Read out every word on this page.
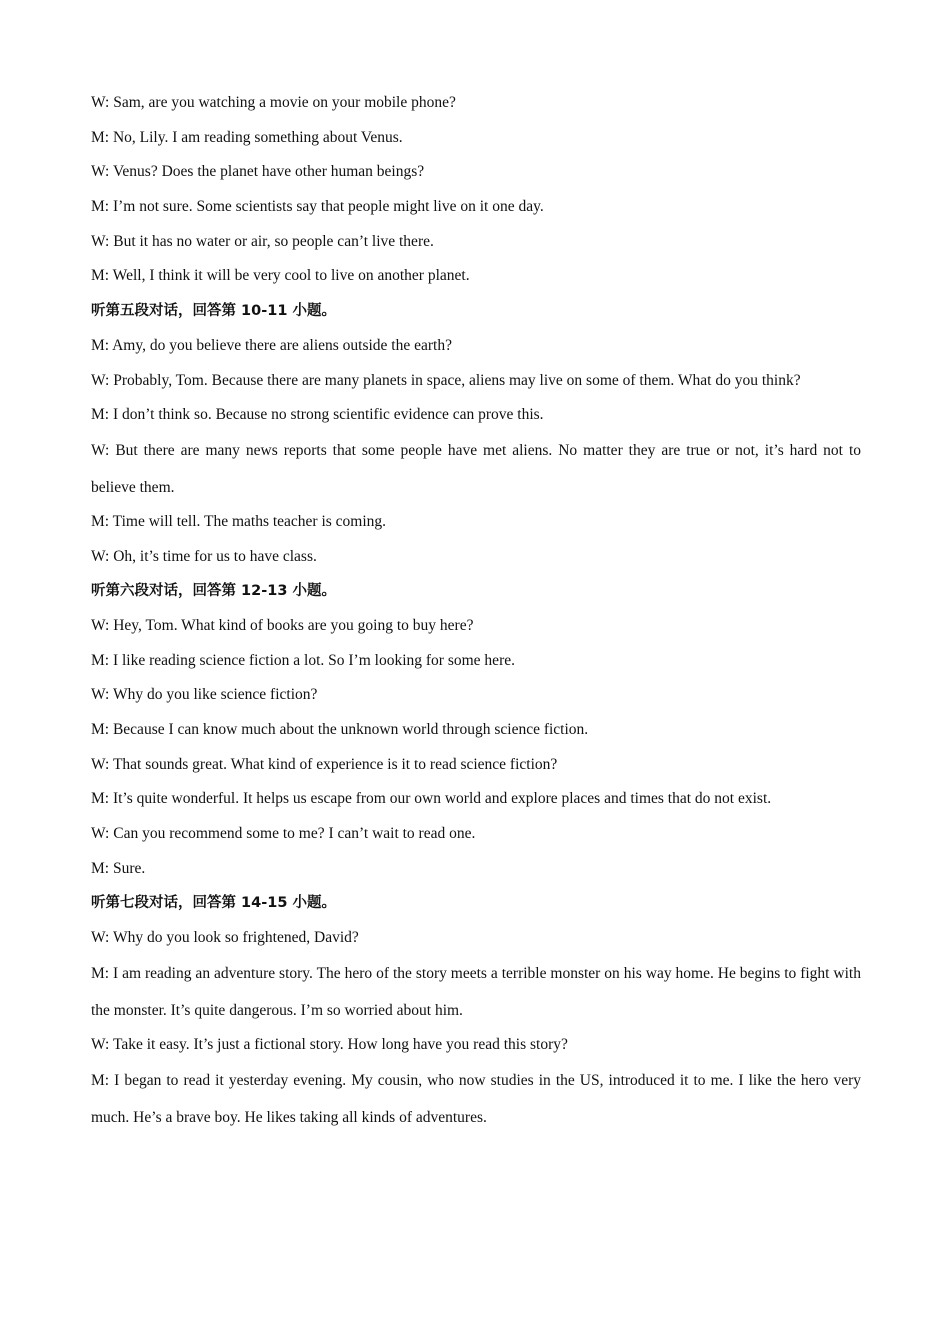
W: Sam, are you watching a movie on your mobile phone?

M: No, Lily. I am reading something about Venus.

W: Venus? Does the planet have other human beings?

M: I’m not sure. Some scientists say that people might live on it one day.

W: But it has no water or air, so people can’t live there.

M: Well, I think it will be very cool to live on another planet.

听第五段对话，回答第 10-11 小题。

M: Amy, do you believe there are aliens outside the earth?

W: Probably, Tom. Because there are many planets in space, aliens may live on some of them. What do you think?

M: I don’t think so. Because no strong scientific evidence can prove this.

W: But there are many news reports that some people have met aliens. No matter they are true or not, it’s hard not to believe them.

M: Time will tell. The maths teacher is coming.

W: Oh, it’s time for us to have class.

听第六段对话，回答第 12-13 小题。

W: Hey, Tom. What kind of books are you going to buy here?

M: I like reading science fiction a lot. So I’m looking for some here.

W: Why do you like science fiction?

M: Because I can know much about the unknown world through science fiction.

W: That sounds great. What kind of experience is it to read science fiction?

M: It’s quite wonderful. It helps us escape from our own world and explore places and times that do not exist.

W: Can you recommend some to me? I can’t wait to read one.

M: Sure.

听第七段对话，回答第 14-15 小题。

W: Why do you look so frightened, David?

M: I am reading an adventure story. The hero of the story meets a terrible monster on his way home. He begins to fight with the monster. It’s quite dangerous. I’m so worried about him.

W: Take it easy. It’s just a fictional story. How long have you read this story?

M: I began to read it yesterday evening. My cousin, who now studies in the US, introduced it to me. I like the hero very much. He’s a brave boy. He likes taking all kinds of adventures.
